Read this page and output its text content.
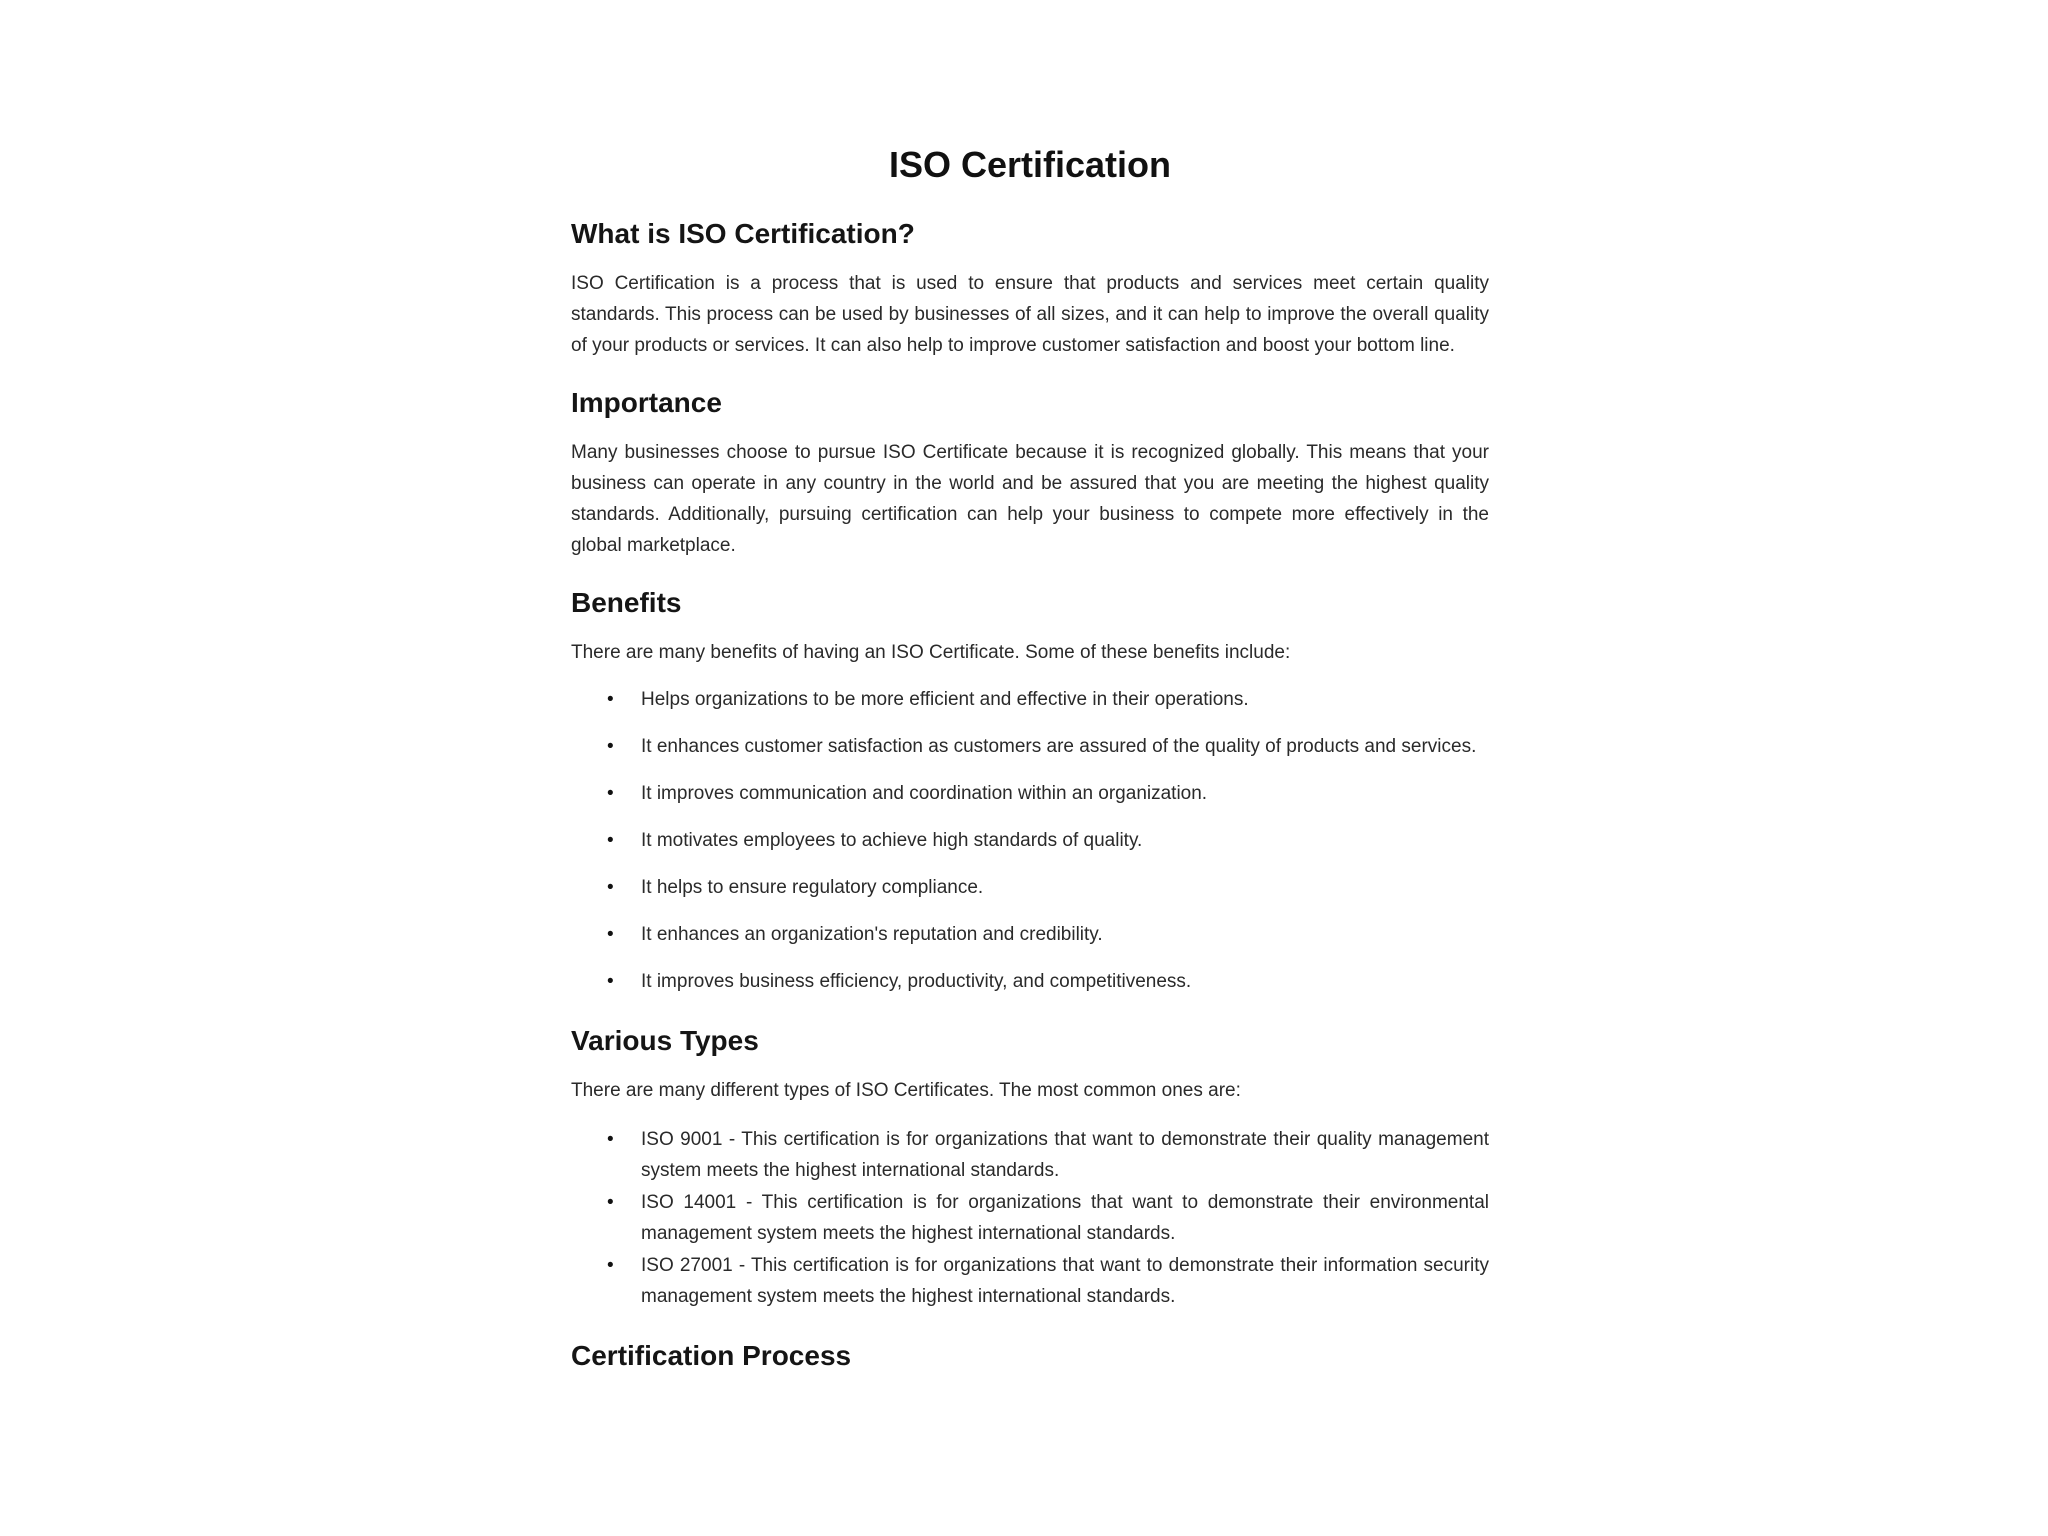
ISO Certification
What is ISO Certification?

ISO Certification is a process that is used to ensure that products and services meet certain quality standards. This process can be used by businesses of all sizes, and it can help to improve the overall quality of your products or services. It can also help to improve customer satisfaction and boost your bottom line.

Importance

Many businesses choose to pursue ISO Certificate because it is recognized globally. This means that your business can operate in any country in the world and be assured that you are meeting the highest quality standards. Additionally, pursuing certification can help your business to compete more effectively in the global marketplace.

Benefits

There are many benefits of having an ISO Certificate. Some of these benefits include:

• Helps organizations to be more efficient and effective in their operations.
• It enhances customer satisfaction as customers are assured of the quality of products and services.
• It improves communication and coordination within an organization.
• It motivates employees to achieve high standards of quality.
• It helps to ensure regulatory compliance.
• It enhances an organization's reputation and credibility.
• It improves business efficiency, productivity, and competitiveness.
Various Types

There are many different types of ISO Certificates. The most common ones are:

• ISO 9001 - This certification is for organizations that want to demonstrate their quality management system meets the highest international standards.
• ISO 14001 - This certification is for organizations that want to demonstrate their environmental management system meets the highest international standards.
• ISO 27001 - This certification is for organizations that want to demonstrate their information security management system meets the highest international standards.
Certification Process
